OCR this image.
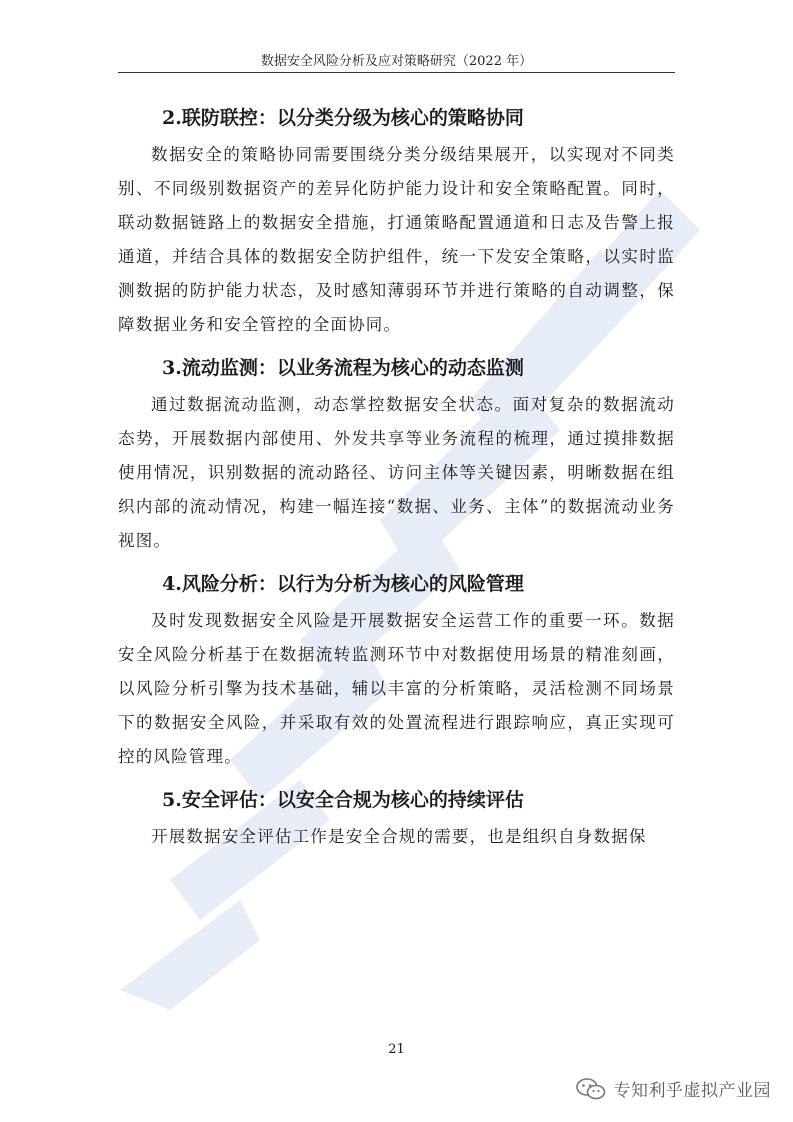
数据安全风险分析及应对策略研究（2022 年）
2.联防联控：以分类分级为核心的策略协同

数据安全的策略协同需要围绕分类分级结果展开，以实现对不同类别、不同级别数据资产的差异化防护能力设计和安全策略配置。同时，联动数据链路上的数据安全措施，打通策略配置通道和日志及告警上报通道，并结合具体的数据安全防护组件，统一下发安全策略，以实时监测数据的防护能力状态，及时感知薄弱环节并进行策略的自动调整，保障数据业务和安全管控的全面协同。

3.流动监测：以业务流程为核心的动态监测

通过数据流动监测，动态掌控数据安全状态。面对复杂的数据流动态势，开展数据内部使用、外发共享等业务流程的梳理，通过摸排数据使用情况，识别数据的流动路径、访问主体等关键因素，明晰数据在组织内部的流动情况，构建一幅连接“数据、业务、主体”的数据流动业务视图。

4.风险分析：以行为分析为核心的风险管理

及时发现数据安全风险是开展数据安全运营工作的重要一环。数据安全风险分析基于在数据流转监测环节中对数据使用场景的精准刻画，以风险分析引擎为技术基础，辅以丰富的分析策略，灵活检测不同场景下的数据安全风险，并采取有效的处置流程进行跟踪响应，真正实现可控的风险管理。

5.安全评估：以安全合规为核心的持续评估

开展数据安全评估工作是安全合规的需要，也是组织自身数据保

21
专知利乎虚拟产业园
